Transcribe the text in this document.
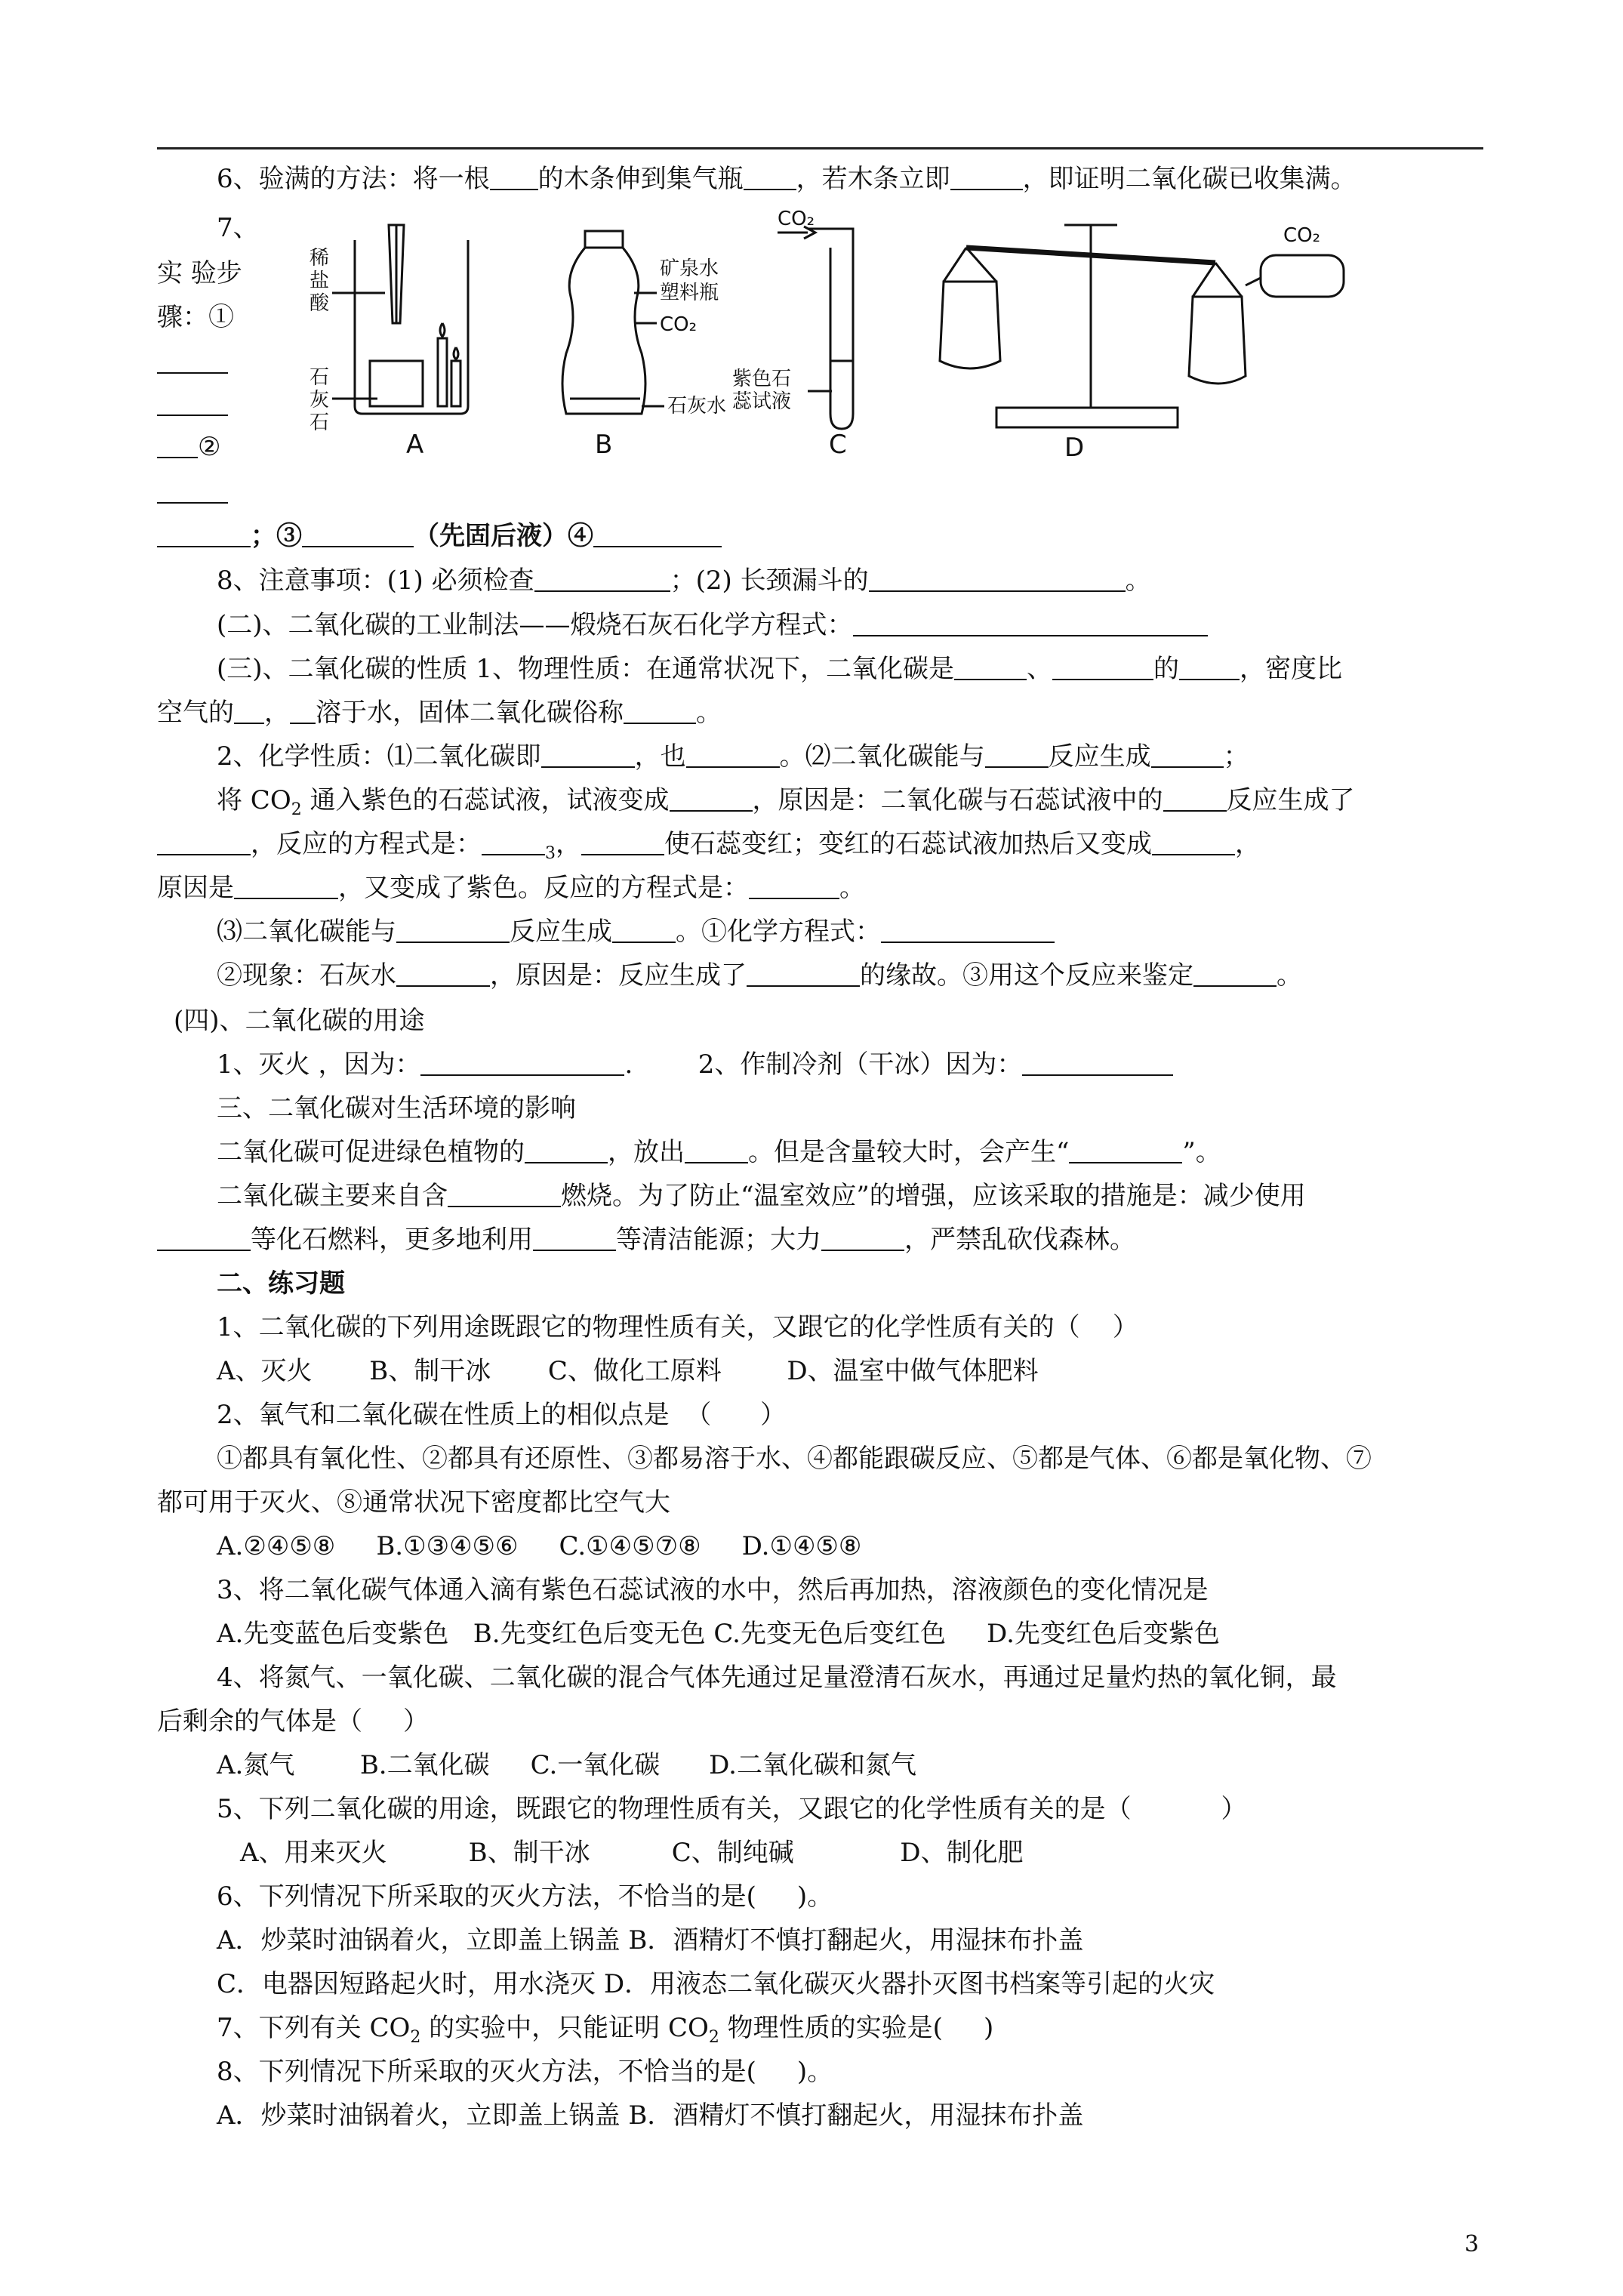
6、验满的方法：将一根 的木条伸到集气瓶 ，若木条立即	，即证明二氧化碳已收集满。
7、
实 验步
骤：①
②
稀
盐
酸
石
灰
石
A
矿泉水
塑料瓶
CO₂
石灰水
B
CO₂
紫色石
蕊试液
C
CO₂
D
；③	（先固后液）④
8、注意事项：(1) 必须检查	；(2) 长颈漏斗的	。
(二)、二氧化碳的工业制法——煅烧石灰石化学方程式：
(三)、二氧化碳的性质 1、物理性质：在通常状况下，二氧化碳是	、	的 ，密度比
空气的 ， 溶于水，固体二氧化碳俗称	。
2、化学性质：⑴二氧化碳即	，也	。⑵二氧化碳能与 反应生成	；
将 $CO_2$ 通入紫色的石蕊试液，试液变成	，原因是：二氧化碳与石蕊试液中的 反应生成了
，反应的方程式是：	$_3$，	使石蕊变红；变红的石蕊试液加热后又变成	，
原因是	，又变成了紫色。反应的方程式是：	。
⑶二氧化碳能与	反应生成 。①化学方程式：
②现象：石灰水	，原因是：反应生成了	的缘故。③用这个反应来鉴定	。
(四)、二氧化碳的用途
1、灭火 ，因为：	.        2、作制冷剂（干冰）因为：
三、二氧化碳对生活环境的影响
二氧化碳可促进绿色植物的	，放出 。但是含量较大时，会产生“	”。
二氧化碳主要来自含	燃烧。为了防止“温室效应”的增强，应该采取的措施是：减少使用
等化石燃料，更多地利用	等清洁能源；大力	，严禁乱砍伐森林。
二、练习题
1、二氧化碳的下列用途既跟它的物理性质有关，又跟它的化学性质有关的（    ）
A、灭火       B、制干冰       C、做化工原料        D、温室中做气体肥料
2、氧气和二氧化碳在性质上的相似点是  （      ）
①都具有氧化性、②都具有还原性、③都易溶于水、④都能跟碳反应、⑤都是气体、⑥都是氧化物、⑦
都可用于灭火、⑧通常状况下密度都比空气大
A.②④⑤⑧     B.①③④⑤⑥     C.①④⑤⑦⑧     D.①④⑤⑧
3、将二氧化碳气体通入滴有紫色石蕊试液的水中，然后再加热，溶液颜色的变化情况是
A.先变蓝色后变紫色   B.先变红色后变无色 C.先变无色后变红色     D.先变红色后变紫色
4、将氮气、一氧化碳、二氧化碳的混合气体先通过足量澄清石灰水，再通过足量灼热的氧化铜，最
后剩余的气体是（     ）
A.氮气        B.二氧化碳     C.一氧化碳      D.二氧化碳和氮气
5、下列二氧化碳的用途，既跟它的物理性质有关，又跟它的化学性质有关的是（           ）
A、用来灭火          B、制干冰          C、制纯碱             D、制化肥
6、下列情况下所采取的灭火方法，不恰当的是(     )。
A．炒菜时油锅着火，立即盖上锅盖 B．酒精灯不慎打翻起火，用湿抹布扑盖
C．电器因短路起火时，用水浇灭 D．用液态二氧化碳灭火器扑灭图书档案等引起的火灾
7、下列有关 $CO_2$ 的实验中，只能证明 $CO_2$ 物理性质的实验是(     )
8、下列情况下所采取的灭火方法，不恰当的是(     )。
A．炒菜时油锅着火，立即盖上锅盖 B．酒精灯不慎打翻起火，用湿抹布扑盖
3
